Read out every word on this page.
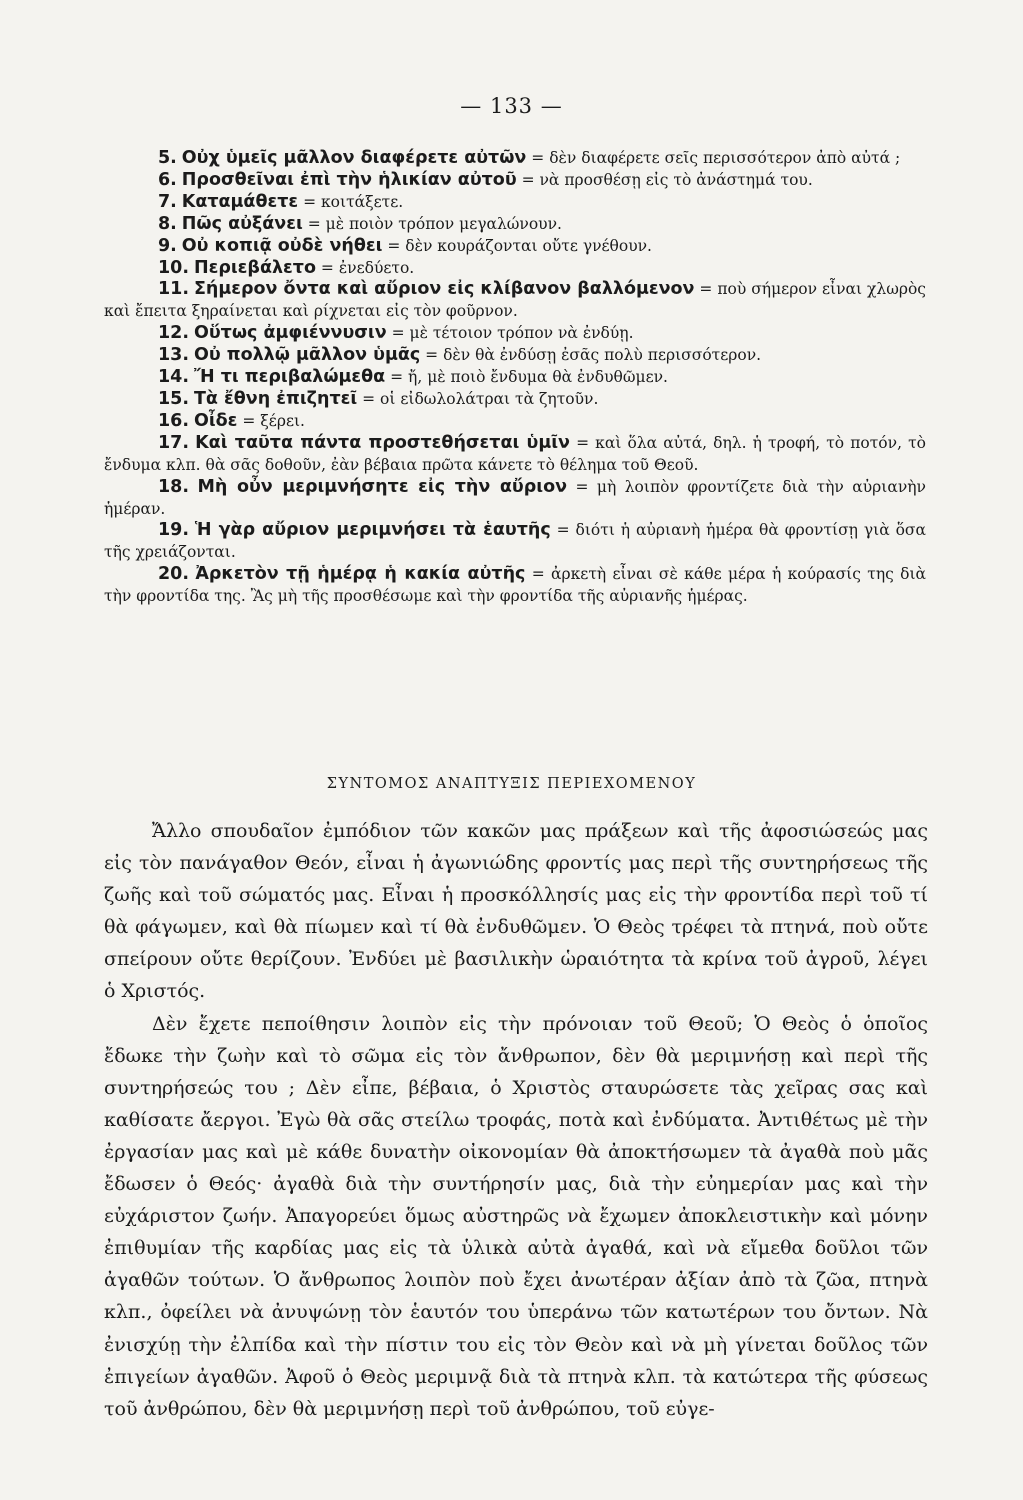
— 133 —

5. Οὐχ ὑμεῖς μᾶλλον διαφέρετε αὐτῶν = δὲν διαφέρετε σεῖς περισσότερον ἀπὸ αὐτά ;

6. Προσθεῖναι ἐπὶ τὴν ἡλικίαν αὐτοῦ = νὰ προσθέσῃ εἰς τὸ ἀνάστημά του.

7. Καταμάθετε = κοιτάξετε.

8. Πῶς αὐξάνει = μὲ ποιὸν τρόπον μεγαλώνουν.

9. Οὐ κοπιᾷ οὐδὲ νήθει = δὲν κουράζονται οὔτε γνέθουν.

10. Περιεβάλετο = ἐνεδύετο.

11. Σήμερον ὄντα καὶ αὔριον εἰς κλίβανον βαλλόμενον = ποὺ σήμερον εἶναι χλωρὸς καὶ ἔπειτα ξηραίνεται καὶ ρίχνεται εἰς τὸν φοῦρνον.

12. Οὕτως ἀμφιέννυσιν = μὲ τέτοιον τρόπον νὰ ἐνδύῃ.

13. Οὐ πολλῷ μᾶλλον ὑμᾶς = δὲν θὰ ἐνδύσῃ ἐσᾶς πολὺ περισσότερον.

14. Ἤ τι περιβαλώμεθα = ἤ, μὲ ποιὸ ἔνδυμα θὰ ἐνδυθῶμεν.

15. Τὰ ἔθνη ἐπιζητεῖ = οἱ εἰδωλολάτραι τὰ ζητοῦν.

16. Οἶδε = ξέρει.

17. Καὶ ταῦτα πάντα προστεθήσεται ὑμῖν = καὶ ὅλα αὐτά, δηλ. ἡ τροφή, τὸ ποτόν, τὸ ἔνδυμα κλπ. θὰ σᾶς δοθοῦν, ἐὰν βέβαια πρῶτα κάνετε τὸ θέλημα τοῦ Θεοῦ.

18. Μὴ οὖν μεριμνήσητε εἰς τὴν αὔριον = μὴ λοιπὸν φροντίζετε διὰ τὴν αὐριανὴν ἡμέραν.

19. Ἡ γὰρ αὔριον μεριμνήσει τὰ ἑαυτῆς = διότι ἡ αὐριανὴ ἡμέρα θὰ φροντίσῃ γιὰ ὅσα τῆς χρειάζονται.

20. Ἀρκετὸν τῇ ἡμέρᾳ ἡ κακία αὐτῆς = ἀρκετὴ εἶναι σὲ κάθε μέρα ἡ κούρασίς της διὰ τὴν φροντίδα της. Ἂς μὴ τῆς προσθέσωμε καὶ τὴν φροντίδα τῆς αὐριανῆς ἡμέρας.

ΣΥΝΤΟΜΟΣ ΑΝΑΠΤΥΞΙΣ ΠΕΡΙΕΧΟΜΕΝΟΥ

Ἄλλο σπουδαῖον ἐμπόδιον τῶν κακῶν μας πράξεων καὶ τῆς ἀφοσιώσεώς μας εἰς τὸν πανάγαθον Θεόν, εἶναι ἡ ἀγωνιώδης φροντίς μας περὶ τῆς συντηρήσεως τῆς ζωῆς καὶ τοῦ σώματός μας. Εἶναι ἡ προσκόλλησίς μας εἰς τὴν φροντίδα περὶ τοῦ τί θὰ φάγωμεν, καὶ θὰ πίωμεν καὶ τί θὰ ἐνδυθῶμεν. Ὁ Θεὸς τρέφει τὰ πτηνά, ποὺ οὔτε σπείρουν οὔτε θερίζουν. Ἐνδύει μὲ βασιλικὴν ὡραιότητα τὰ κρίνα τοῦ ἀγροῦ, λέγει ὁ Χριστός.

Δὲν ἔχετε πεποίθησιν λοιπὸν εἰς τὴν πρόνοιαν τοῦ Θεοῦ; Ὁ Θεὸς ὁ ὁποῖος ἔδωκε τὴν ζωὴν καὶ τὸ σῶμα εἰς τὸν ἄνθρωπον, δὲν θὰ μεριμνήσῃ καὶ περὶ τῆς συντηρήσεώς του ; Δὲν εἶπε, βέβαια, ὁ Χριστὸς σταυρώσετε τὰς χεῖρας σας καὶ καθίσατε ἄεργοι. Ἐγὼ θὰ σᾶς στείλω τροφάς, ποτὰ καὶ ἐνδύματα. Ἀντιθέτως μὲ τὴν ἐργασίαν μας καὶ μὲ κάθε δυνατὴν οἰκονομίαν θὰ ἀποκτήσωμεν τὰ ἀγαθὰ ποὺ μᾶς ἔδωσεν ὁ Θεός· ἀγαθὰ διὰ τὴν συντήρησίν μας, διὰ τὴν εὐημερίαν μας καὶ τὴν εὐχάριστον ζωήν. Ἀπαγορεύει ὅμως αὐστηρῶς νὰ ἔχωμεν ἀποκλειστικὴν καὶ μόνην ἐπιθυμίαν τῆς καρδίας μας εἰς τὰ ὑλικὰ αὐτὰ ἀγαθά, καὶ νὰ εἴμεθα δοῦλοι τῶν ἀγαθῶν τούτων. Ὁ ἄνθρωπος λοιπὸν ποὺ ἔχει ἀνωτέραν ἀξίαν ἀπὸ τὰ ζῶα, πτηνὰ κλπ., ὀφείλει νὰ ἀνυψώνῃ τὸν ἑαυτόν του ὑπεράνω τῶν κατωτέρων του ὄντων. Νὰ ἐνισχύῃ τὴν ἐλπίδα καὶ τὴν πίστιν του εἰς τὸν Θεὸν καὶ νὰ μὴ γίνεται δοῦλος τῶν ἐπιγείων ἀγαθῶν. Ἀφοῦ ὁ Θεὸς μεριμνᾷ διὰ τὰ πτηνὰ κλπ. τὰ κατώτερα τῆς φύσεως τοῦ ἀνθρώπου, δὲν θὰ μεριμνήσῃ περὶ τοῦ ἀνθρώπου, τοῦ εὐγε-
